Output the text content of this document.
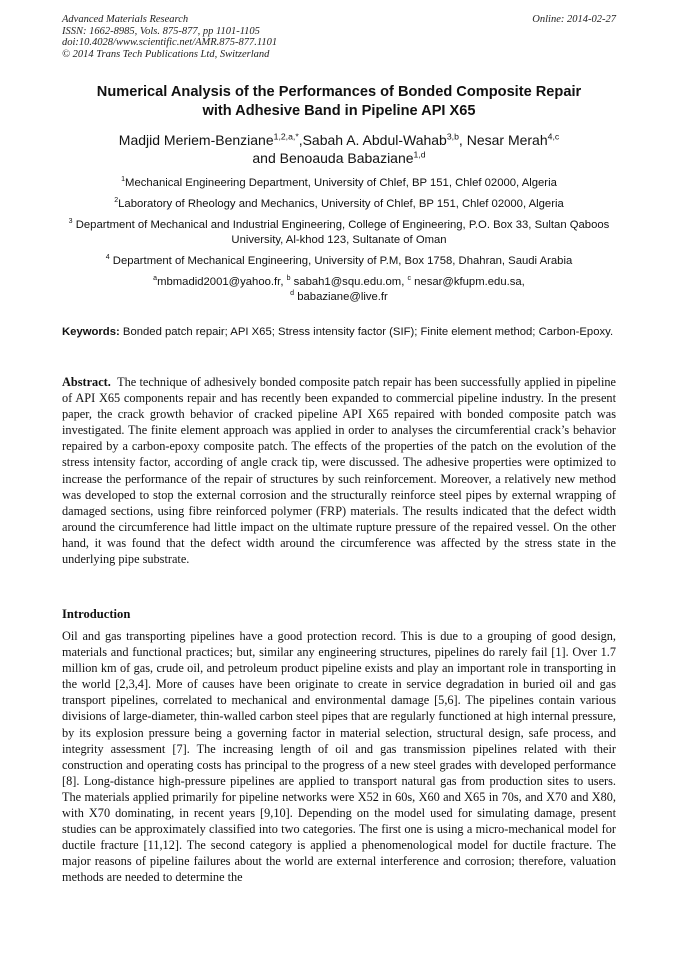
Advanced Materials Research
ISSN: 1662-8985, Vols. 875-877, pp 1101-1105
doi:10.4028/www.scientific.net/AMR.875-877.1101
© 2014 Trans Tech Publications Ltd, Switzerland
Online: 2014-02-27
Numerical Analysis of the Performances of Bonded Composite Repair
with Adhesive Band in Pipeline API X65
Madjid Meriem-Benziane$^{1,2,a,*}$,Sabah A. Abdul-Wahab$^{3,b}$, Nesar Merah$^{4,c}$
and Benoauda Babaziane$^{1,d}$
$^1$Mechanical Engineering Department, University of Chlef, BP 151, Chlef 02000, Algeria
$^2$Laboratory of Rheology and Mechanics, University of Chlef, BP 151, Chlef 02000, Algeria
$^3$ Department of Mechanical and Industrial Engineering, College of Engineering, P.O. Box 33, Sultan Qaboos University, Al-khod 123, Sultanate of Oman
$^4$ Department of Mechanical Engineering, University of P.M, Box 1758, Dhahran, Saudi Arabia
$^a$mbmadid2001@yahoo.fr, $^b$ sabah1@squ.edu.om, $^c$ nesar@kfupm.edu.sa,
$^d$ babaziane@live.fr
Keywords: Bonded patch repair; API X65; Stress intensity factor (SIF); Finite element method; Carbon-Epoxy.
Abstract. The technique of adhesively bonded composite patch repair has been successfully applied in pipeline of API X65 components repair and has recently been expanded to commercial pipeline industry. In the present paper, the crack growth behavior of cracked pipeline API X65 repaired with bonded composite patch was investigated. The finite element approach was applied in order to analyses the circumferential crack’s behavior repaired by a carbon-epoxy composite patch. The effects of the properties of the patch on the evolution of the stress intensity factor, according of angle crack tip, were discussed. The adhesive properties were optimized to increase the performance of the repair of structures by such reinforcement. Moreover, a relatively new method was developed to stop the external corrosion and the structurally reinforce steel pipes by external wrapping of damaged sections, using fibre reinforced polymer (FRP) materials. The results indicated that the defect width around the circumference had little impact on the ultimate rupture pressure of the repaired vessel. On the other hand, it was found that the defect width around the circumference was affected by the stress state in the underlying pipe substrate.
Introduction
Oil and gas transporting pipelines have a good protection record. This is due to a grouping of good design, materials and functional practices; but, similar any engineering structures, pipelines do rarely fail [1]. Over 1.7 million km of gas, crude oil, and petroleum product pipeline exists and play an important role in transporting in the world [2,3,4]. More of causes have been originate to create in service degradation in buried oil and gas transport pipelines, correlated to mechanical and environmental damage [5,6]. The pipelines contain various divisions of large-diameter, thin-walled carbon steel pipes that are regularly functioned at high internal pressure, by its explosion pressure being a governing factor in material selection, structural design, safe process, and integrity assessment [7]. The increasing length of oil and gas transmission pipelines related with their construction and operating costs has principal to the progress of a new steel grades with developed performance [8]. Long-distance high-pressure pipelines are applied to transport natural gas from production sites to users. The materials applied primarily for pipeline networks were X52 in 60s, X60 and X65 in 70s, and X70 and X80, with X70 dominating, in recent years [9,10]. Depending on the model used for simulating damage, present studies can be approximately classified into two categories. The first one is using a micro-mechanical model for ductile fracture [11,12]. The second category is applied a phenomenological model for ductile fracture. The major reasons of pipeline failures about the world are external interference and corrosion; therefore, valuation methods are needed to determine the
